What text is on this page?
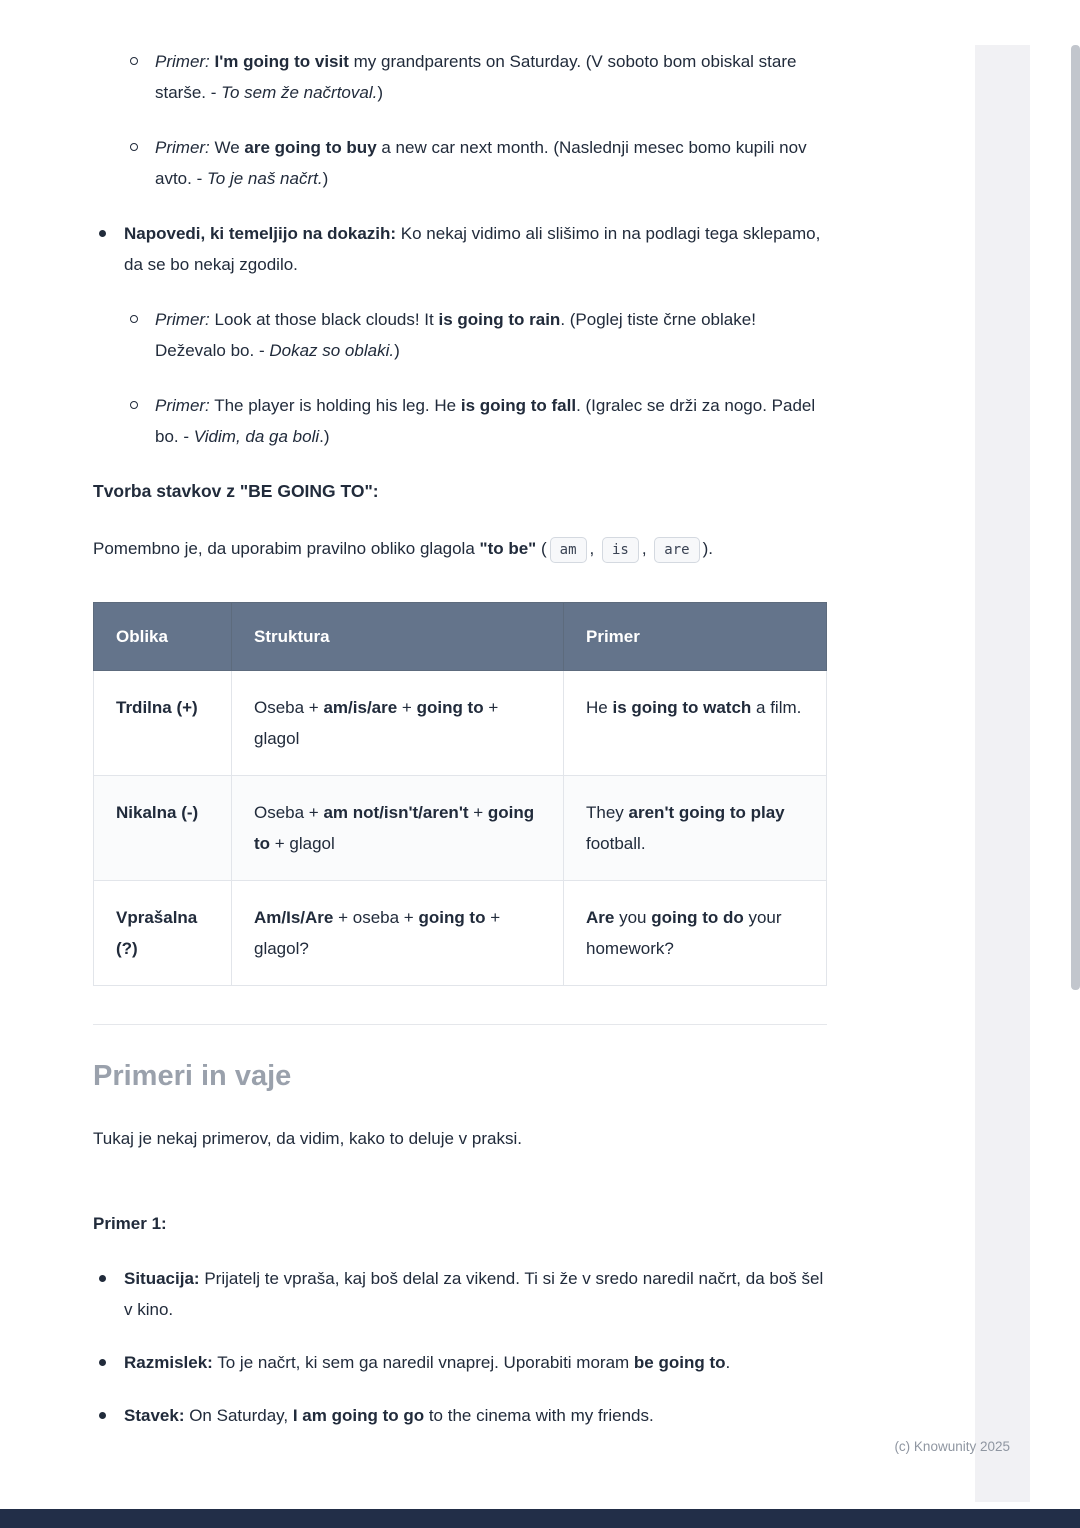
Primer: I'm going to visit my grandparents on Saturday. (V soboto bom obiskal stare starše. - To sem že načrtoval.)
Primer: We are going to buy a new car next month. (Naslednji mesec bomo kupili nov avto. - To je naš načrt.)
Napovedi, ki temeljijo na dokazih: Ko nekaj vidimo ali slišimo in na podlagi tega sklepamo, da se bo nekaj zgodilo.
Primer: Look at those black clouds! It is going to rain. (Poglej tiste črne oblake! Deževalo bo. - Dokaz so oblaki.)
Primer: The player is holding his leg. He is going to fall. (Igralec se drži za nogo. Padel bo. - Vidim, da ga boli.)
Tvorba stavkov z "BE GOING TO":

Pomembno je, da uporabim pravilno obliko glagola "to be" ( am , is , are ).

Oblika	Struktura	Primer
Trdilna (+)	Oseba + am/is/are + going to + glagol	He is going to watch a film.
Nikalna (-)	Oseba + am not/isn't/aren't + going to + glagol	They aren't going to play football.
Vprašalna (?)	Am/Is/Are + oseba + going to + glagol?	Are you going to do your homework?
Primeri in vaje

Tukaj je nekaj primerov, da vidim, kako to deluje v praksi.

Primer 1:

Situacija: Prijatelj te vpraša, kaj boš delal za vikend. Ti si že v sredo naredil načrt, da boš šel v kino.
Razmislek: To je načrt, ki sem ga naredil vnaprej. Uporabiti moram be going to.
Stavek: On Saturday, I am going to go to the cinema with my friends.
(c) Knowunity 2025
